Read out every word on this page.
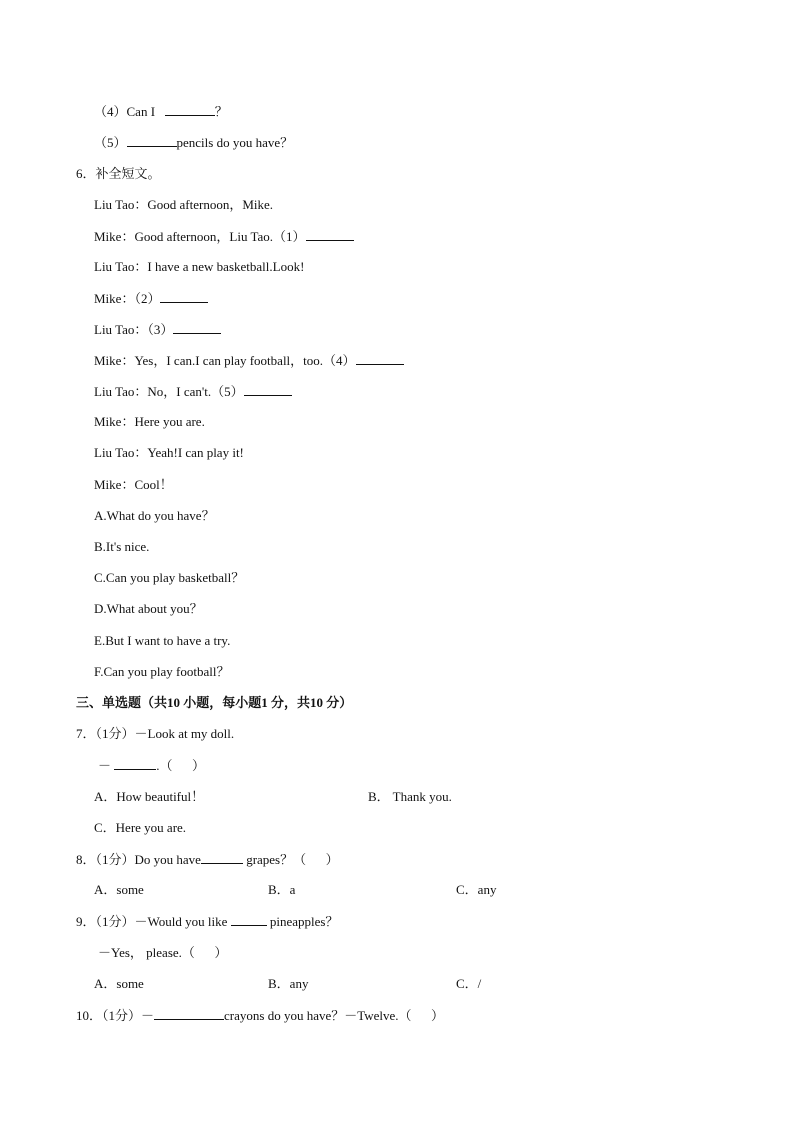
（4）Can I	？
（5）	pencils do you have？
6．补全短文。
Liu Tao：Good afternoon，Mike.
Mike：Good afternoon，Liu Tao.（1）
Liu Tao：I have a new basketball.Look!
Mike：（2）
Liu Tao：（3）
Mike：Yes，I can.I can play football，too.（4）
Liu Tao：No，I can't.（5）
Mike：Here you are.
Liu Tao：Yeah!I can play it!
Mike：Cool！
A.What do you have？
B.It's nice.
C.Can you play basketball？
D.What about you？
E.But I want to have a try.
F.Can you play football？
三、单选题（共10 小题，每小题1 分，共10 分）
7．（1分）－Look at my doll.
－	.（      ）
A．How beautiful！	B． Thank you.
C．Here you are.
8．（1分）Do you have	grapes？（      ）
A．some	B．a	C．any
9．（1分）－Would you like	pineapples？
－Yes， please.（      ）
A．some	B．any	C．/
10．（1分）－	crayons do you have？－Twelve.（      ）
